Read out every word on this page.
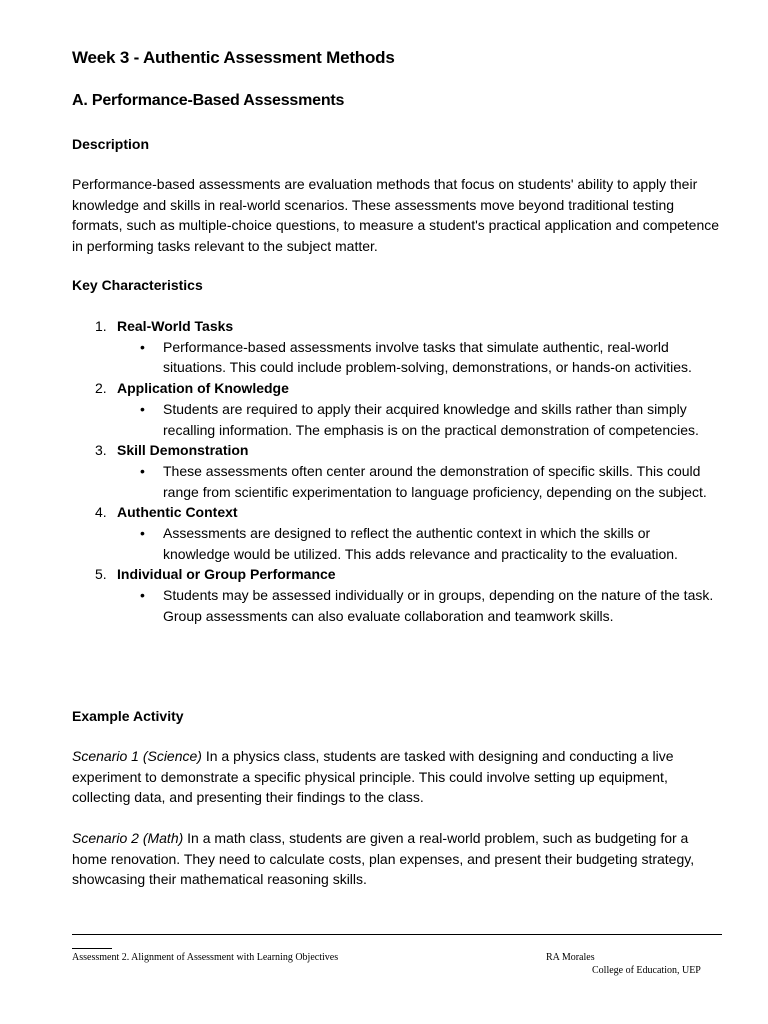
Week 3 - Authentic Assessment Methods
A. Performance-Based Assessments

Description

Performance-based assessments are evaluation methods that focus on students' ability to apply their knowledge and skills in real-world scenarios. These assessments move beyond traditional testing formats, such as multiple-choice questions, to measure a student's practical application and competence in performing tasks relevant to the subject matter.

Key Characteristics

1. Real-World Tasks
• Performance-based assessments involve tasks that simulate authentic, real-world situations. This could include problem-solving, demonstrations, or hands-on activities.
2. Application of Knowledge
• Students are required to apply their acquired knowledge and skills rather than simply recalling information. The emphasis is on the practical demonstration of competencies.
3. Skill Demonstration
• These assessments often center around the demonstration of specific skills. This could range from scientific experimentation to language proficiency, depending on the subject.
4. Authentic Context
• Assessments are designed to reflect the authentic context in which the skills or knowledge would be utilized. This adds relevance and practicality to the evaluation.
5. Individual or Group Performance
• Students may be assessed individually or in groups, depending on the nature of the task. Group assessments can also evaluate collaboration and teamwork skills.

Example Activity

Scenario 1 (Science) In a physics class, students are tasked with designing and conducting a live experiment to demonstrate a specific physical principle. This could involve setting up equipment, collecting data, and presenting their findings to the class.

Scenario 2 (Math) In a math class, students are given a real-world problem, such as budgeting for a home renovation. They need to calculate costs, plan expenses, and present their budgeting strategy, showcasing their mathematical reasoning skills.

Assessment 2. Alignment of Assessment with Learning Objectives	RA Morales
College of Education, UEP
